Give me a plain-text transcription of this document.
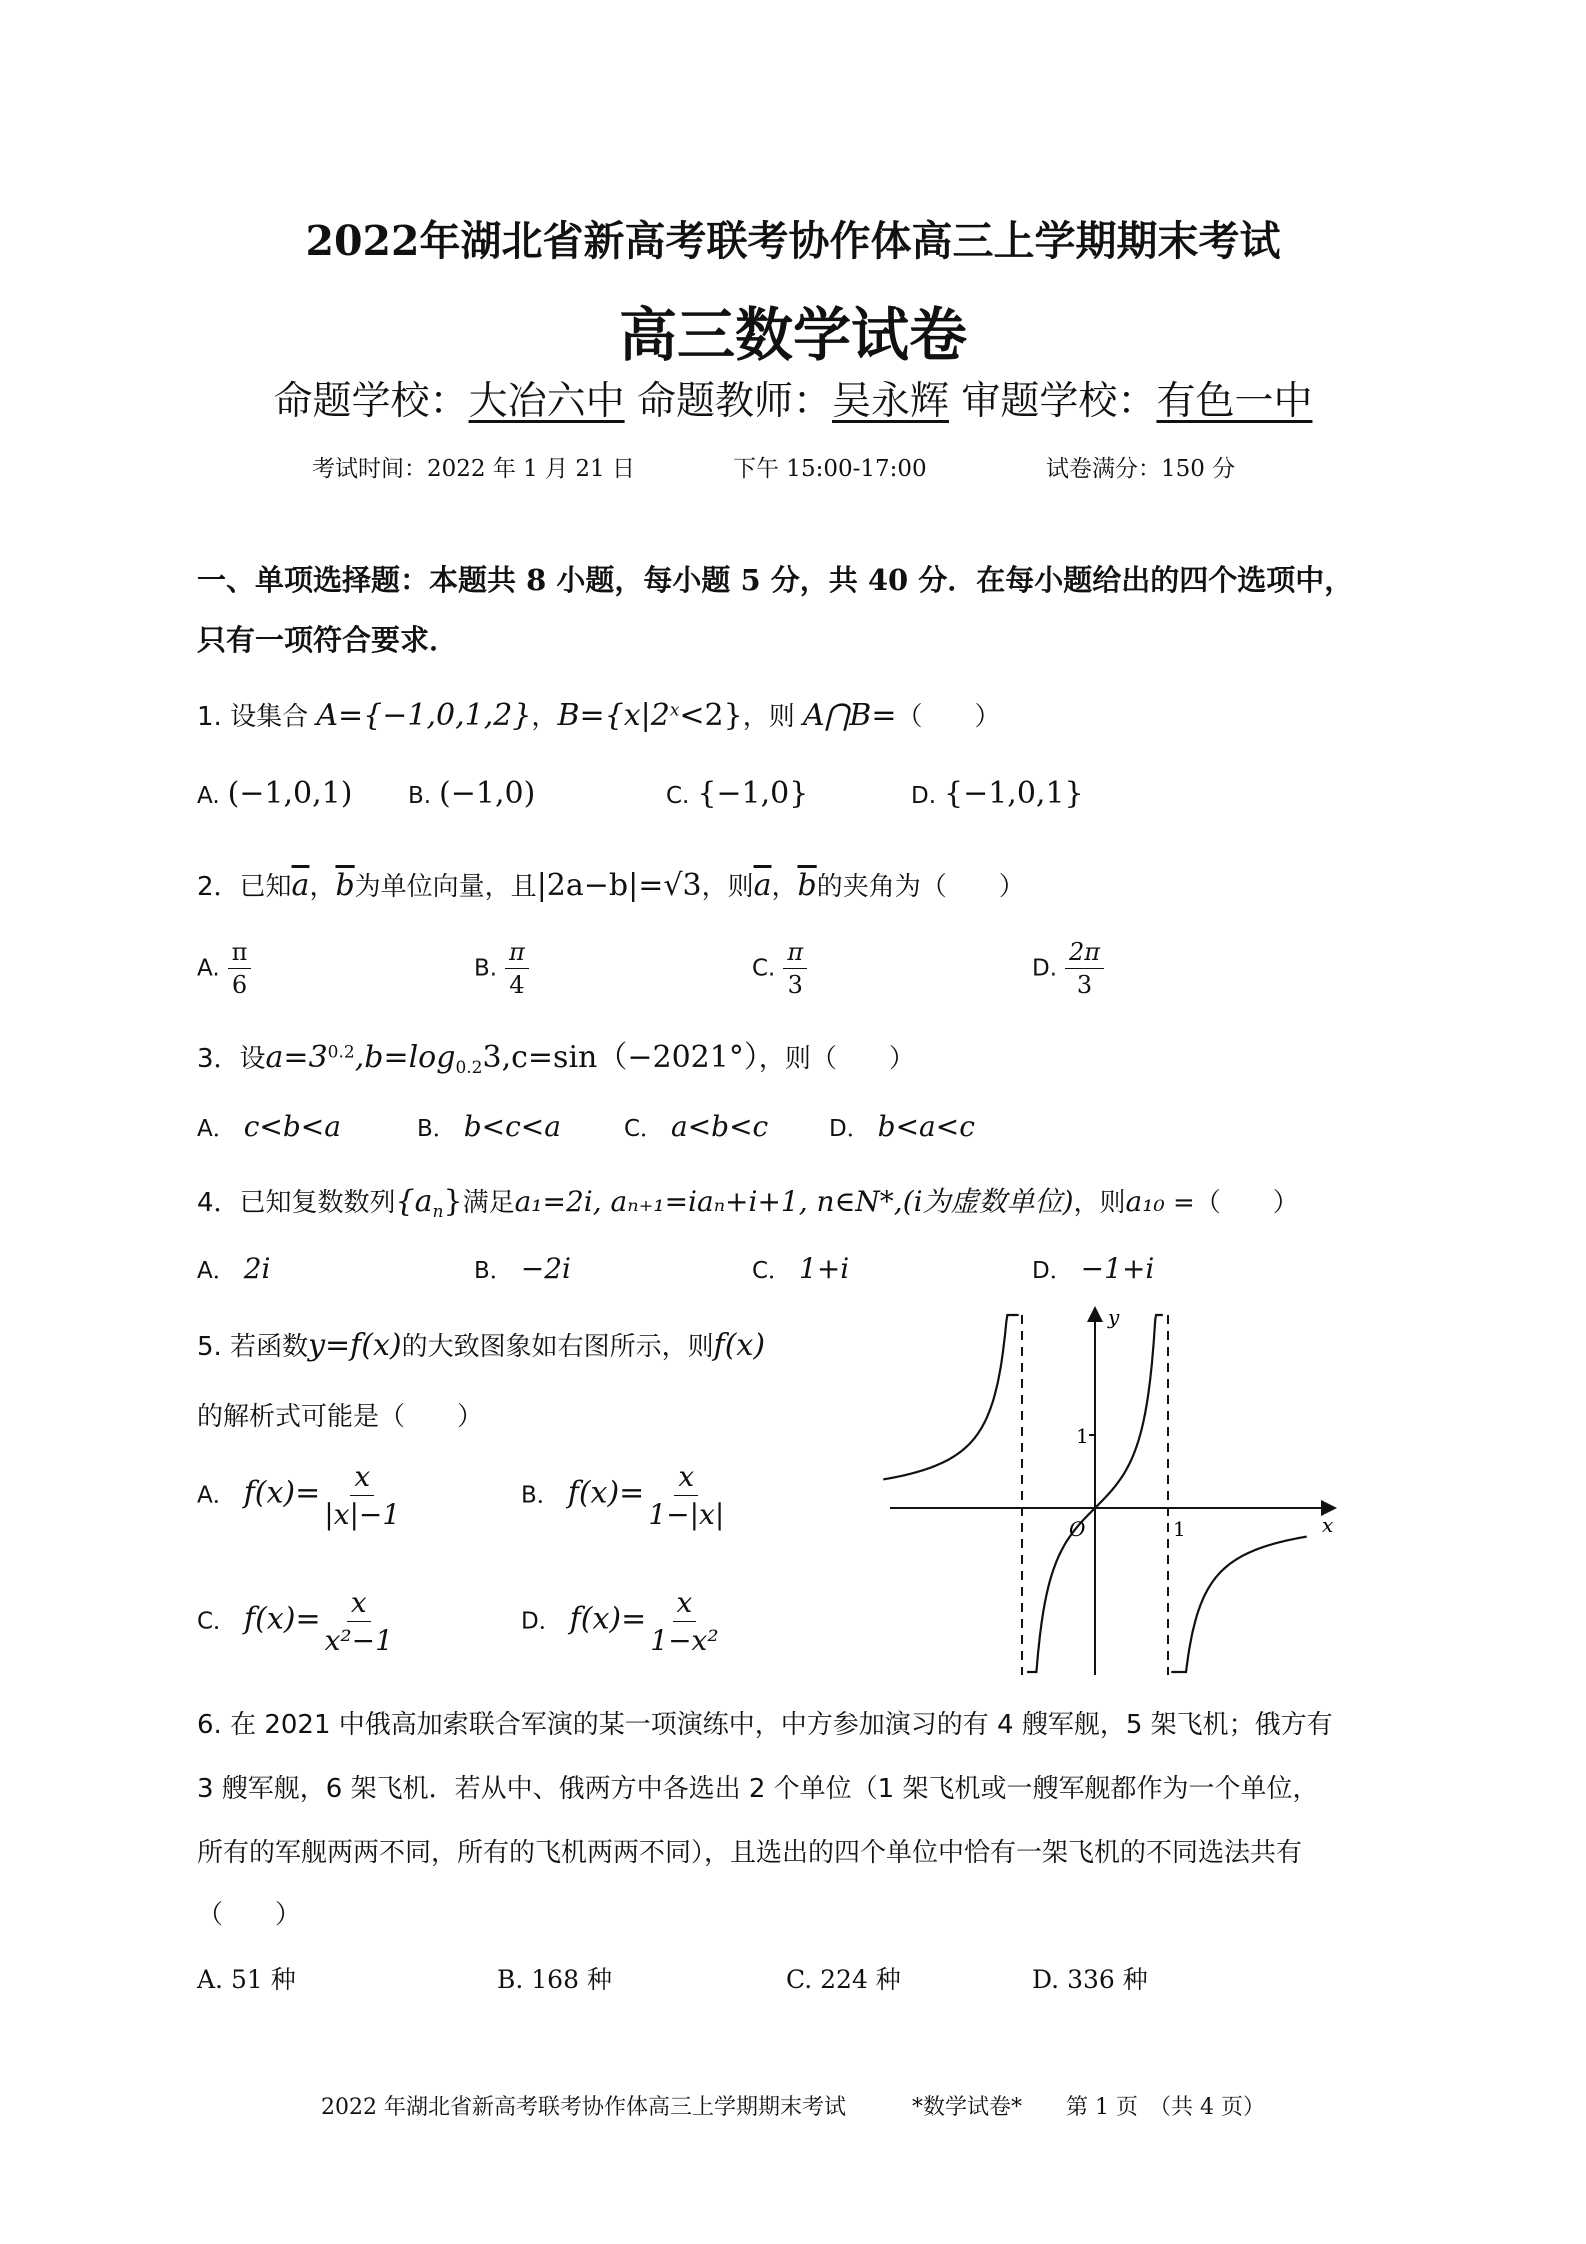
2022年湖北省新高考联考协作体高三上学期期末考试
高三数学试卷
命题学校：大冶六中 命题教师：吴永辉 审题学校：有色一中
考试时间：2022 年 1 月 21 日	下午 15:00-17:00	试卷满分：150 分
一、单项选择题：本题共 8 小题，每小题 5 分，共 40 分．在每小题给出的四个选项中，
只有一项符合要求．
1. 设集合 A={−1,0,1,2}，$B=\{x|2^x<2\}$，则 A⋂B=（　　）
A. (−1,0,1) B. (−1,0)	C. {−1,0}	D. {−1,0,1}
2．已知$\overline{a}$，$\overline{b}$为单位向量，且|2a−b|=√3，则$\overline{a}$，$\overline{b}$的夹角为（　　）
A. $\frac{\pi}{6}$	B. $\frac{\pi}{4}$	C. $\frac{\pi}{3}$	D. $\frac{2\pi}{3}$
3．设$a=3^{0.2},b=\log_{0.2}3,c=\sin(-2021^\circ)$，则（　　）
A． c<b<a	B． b<c<a	C． a<b<c	D． b<a<c
4．已知复数数列$\{a_n\}$满足a₁=2i, aₙ₊₁=iaₙ+i+1, n∈N*,(i为虚数单位)，则a₁₀ =（　　）
A． 2i	B． −2i	C． 1+i	D． −1+i
5. 若函数y=f(x)的大致图象如右图所示，则f(x)
的解析式可能是（　　）
A． $f(x)= \frac{x}{|x|-1}$	B． $f(x)= \frac{x}{1-|x|}$
C． $f(x)= \frac{x}{\text{x²−1}}$	D． $f(x)= \frac{x}{\text{1−x²}}$
y
x
O	1
1
6. 在 2021 中俄高加索联合军演的某一项演练中，中方参加演习的有 4 艘军舰，5 架飞机；俄方有
3 艘军舰，6 架飞机．若从中、俄两方中各选出 2 个单位（1 架飞机或一艘军舰都作为一个单位，
所有的军舰两两不同，所有的飞机两两不同），且选出的四个单位中恰有一架飞机的不同选法共有
（　　）
A. 51 种	B. 168 种	C. 224 种	D. 336 种
2022 年湖北省新高考联考协作体高三上学期期末考试　　　*数学试卷*　　第 1 页　（共 4 页）
